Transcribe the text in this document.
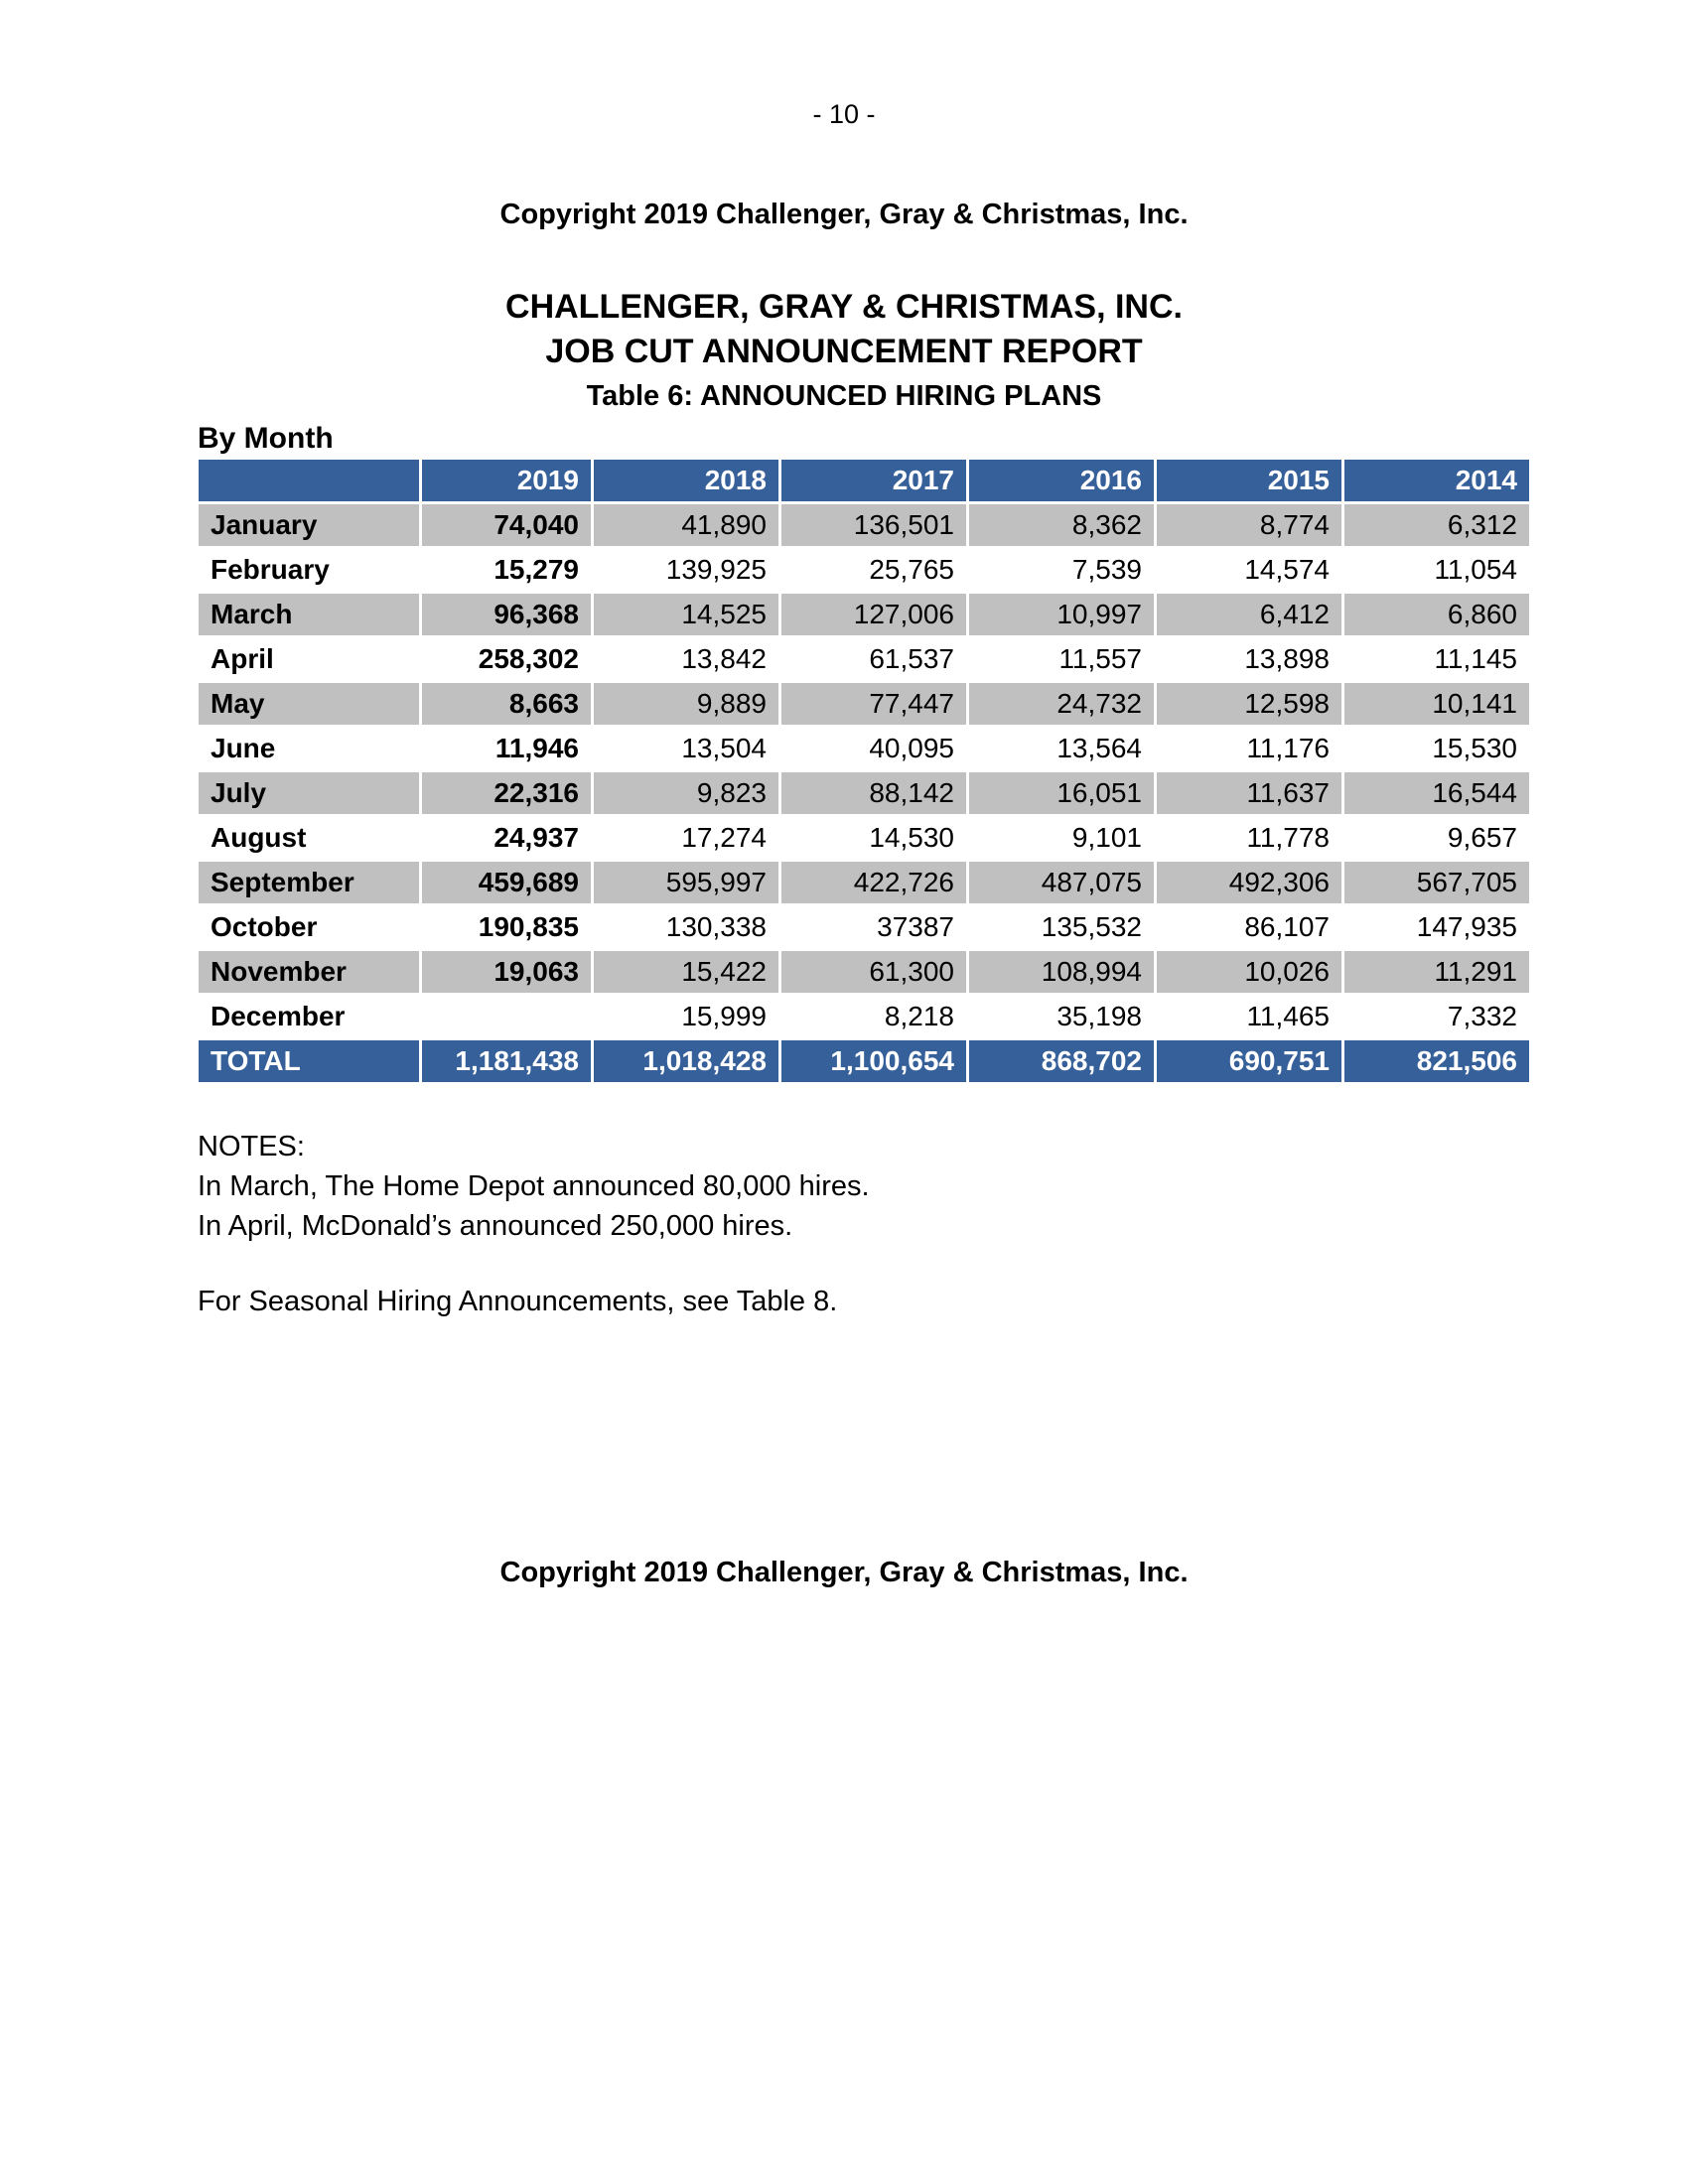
- 10 -
Copyright 2019 Challenger, Gray & Christmas, Inc.
CHALLENGER, GRAY & CHRISTMAS, INC.
JOB CUT ANNOUNCEMENT REPORT
Table 6: ANNOUNCED HIRING PLANS
By Month
	2019	2018	2017	2016	2015	2014
January	74,040	41,890	136,501	8,362	8,774	6,312
February	15,279	139,925	25,765	7,539	14,574	11,054
March	96,368	14,525	127,006	10,997	6,412	6,860
April	258,302	13,842	61,537	11,557	13,898	11,145
May	8,663	9,889	77,447	24,732	12,598	10,141
June	11,946	13,504	40,095	13,564	11,176	15,530
July	22,316	9,823	88,142	16,051	11,637	16,544
August	24,937	17,274	14,530	9,101	11,778	9,657
September	459,689	595,997	422,726	487,075	492,306	567,705
October	190,835	130,338	37387	135,532	86,107	147,935
November	19,063	15,422	61,300	108,994	10,026	11,291
December		15,999	8,218	35,198	11,465	7,332
TOTAL	1,181,438	1,018,428	1,100,654	868,702	690,751	821,506
NOTES:
In March, The Home Depot announced 80,000 hires.
In April, McDonald’s announced 250,000 hires.
For Seasonal Hiring Announcements, see Table 8.
Copyright 2019 Challenger, Gray & Christmas, Inc.
